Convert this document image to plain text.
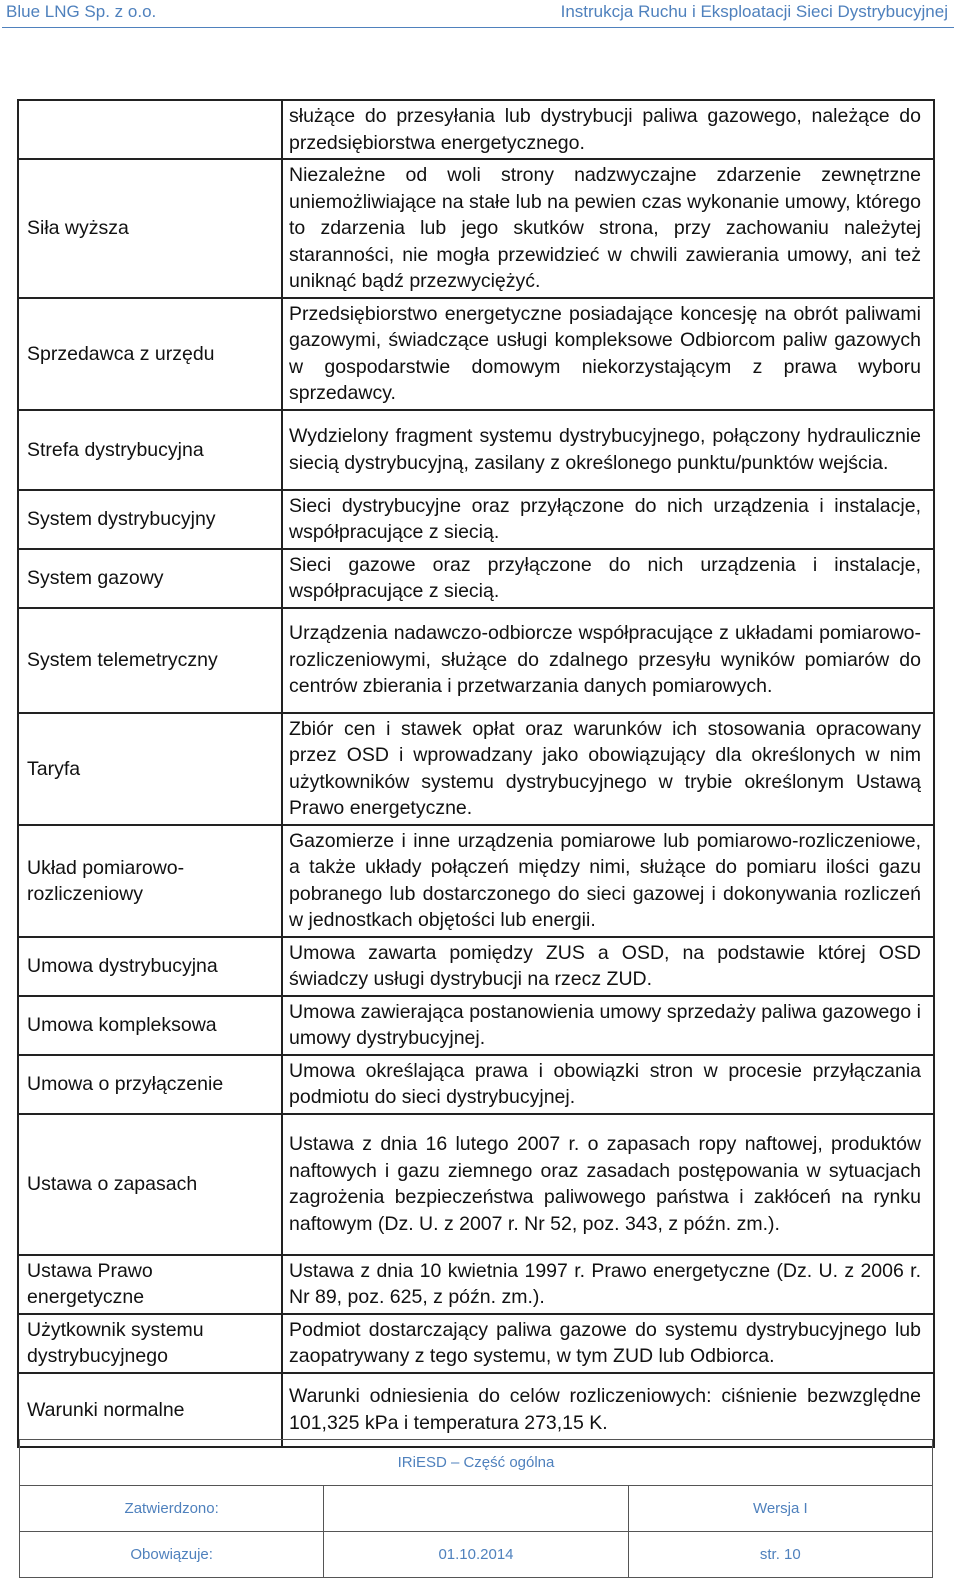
Blue LNG Sp. z o.o.	Instrukcja Ruchu i Eksploatacji Sieci Dystrybucyjnej
	służące do przesyłania lub dystrybucji paliwa gazowego, należące do przedsiębiorstwa energetycznego.
Siła wyższa	Niezależne od woli strony nadzwyczajne zdarzenie zewnętrzne uniemożliwiające na stałe lub na pewien czas wykonanie umowy, którego to zdarzenia lub jego skutków strona, przy zachowaniu należytej staranności, nie mogła przewidzieć w chwili zawierania umowy, ani też uniknąć bądź przezwyciężyć.
Sprzedawca z urzędu	Przedsiębiorstwo energetyczne posiadające koncesję na obrót paliwami gazowymi, świadczące usługi kompleksowe Odbiorcom paliw gazowych w gospodarstwie domowym niekorzystającym z prawa wyboru sprzedawcy.
Strefa dystrybucyjna	Wydzielony fragment systemu dystrybucyjnego, połączony hydraulicznie siecią dystrybucyjną, zasilany z określonego punktu/punktów wejścia.
System dystrybucyjny	Sieci dystrybucyjne oraz przyłączone do nich urządzenia i instalacje, współpracujące z siecią.
System gazowy	Sieci gazowe oraz przyłączone do nich urządzenia i instalacje, współpracujące z siecią.
System telemetryczny	Urządzenia nadawczo-odbiorcze współpracujące z układami pomiarowo-rozliczeniowymi, służące do zdalnego przesyłu wyników pomiarów do centrów zbierania i przetwarzania danych pomiarowych.
Taryfa	Zbiór cen i stawek opłat oraz warunków ich stosowania opracowany przez OSD i wprowadzany jako obowiązujący dla określonych w nim użytkowników systemu dystrybucyjnego w trybie określonym Ustawą Prawo energetyczne.
Układ pomiarowo-rozliczeniowy	Gazomierze i inne urządzenia pomiarowe lub pomiarowo-rozliczeniowe, a także układy połączeń między nimi, służące do pomiaru ilości gazu pobranego lub dostarczonego do sieci gazowej i dokonywania rozliczeń w jednostkach objętości lub energii.
Umowa dystrybucyjna	Umowa zawarta pomiędzy ZUS a OSD, na podstawie której OSD świadczy usługi dystrybucji na rzecz ZUD.
Umowa kompleksowa	Umowa zawierająca postanowienia umowy sprzedaży paliwa gazowego i umowy dystrybucyjnej.
Umowa o przyłączenie	Umowa określająca prawa i obowiązki stron w procesie przyłączania podmiotu do sieci dystrybucyjnej.
Ustawa o zapasach	Ustawa z dnia 16 lutego 2007 r. o zapasach ropy naftowej, produktów naftowych i gazu ziemnego oraz zasadach postępowania w sytuacjach zagrożenia bezpieczeństwa paliwowego państwa i zakłóceń na rynku naftowym (Dz. U. z 2007 r. Nr 52, poz. 343, z późn. zm.).
Ustawa Prawo energetyczne	Ustawa z dnia 10 kwietnia 1997 r. Prawo energetyczne (Dz. U. z 2006 r. Nr 89, poz. 625, z późn. zm.).
Użytkownik systemu dystrybucyjnego	Podmiot dostarczający paliwa gazowe do systemu dystrybucyjnego lub zaopatrywany z tego systemu, w tym ZUD lub Odbiorca.
Warunki normalne	Warunki odniesienia do celów rozliczeniowych: ciśnienie bezwzględne 101,325 kPa i temperatura 273,15 K.
IRiESD – Część ogólna		
Zatwierdzono:		Wersja I
Obowiązuje:	01.10.2014	str. 10
